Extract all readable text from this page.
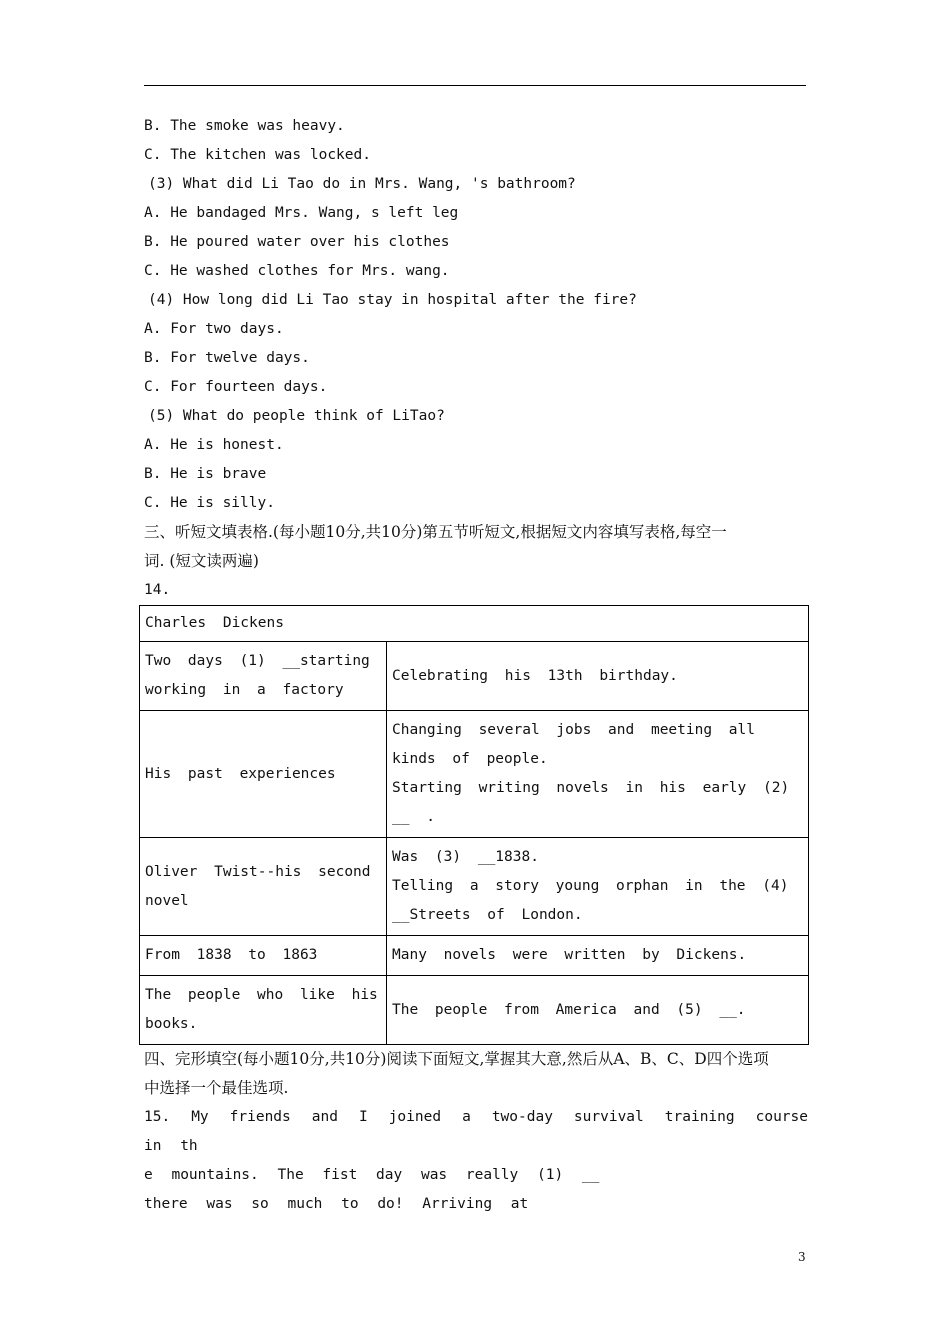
B. The smoke was heavy.
C. The kitchen was locked.
(3) What did Li Tao do in Mrs. Wang, 's bathroom?
A. He bandaged Mrs. Wang, s left leg
B. He poured water over his clothes
C. He washed clothes for Mrs. wang.
(4) How long did Li Tao stay in hospital after the fire?
A. For two days.
B. For twelve days.
C. For fourteen days.
(5) What do people think of LiTao?
A. He is honest.
B. He is brave
C. He is silly.
三、听短文填表格.(每小题10分,共10分)第五节听短文,根据短文内容填写表格,每空一
词. (短文读两遍)
14.
Charles Dickens	
Two days (1) __starting working in a factory	Celebrating his 13th birthday.

His past experiences	Changing several jobs and meeting all kinds of people.
Starting writing novels in his early (2) __ .

Oliver Twist--his second novel	Was (3) __1838.
Telling a story young orphan in the (4) __Streets of London.

From 1838 to 1863	Many novels were written by Dickens.

The people who like his books.	The people from America and (5) __.
四、完形填空(每小题10分,共10分)阅读下面短文,掌握其大意,然后从A、B、C、D四个选项
中选择一个最佳选项.
15. My friends and I joined a two-day survival training course in th
e mountains. The fist day was really (1) __
there was so much to do! Arriving at
3
